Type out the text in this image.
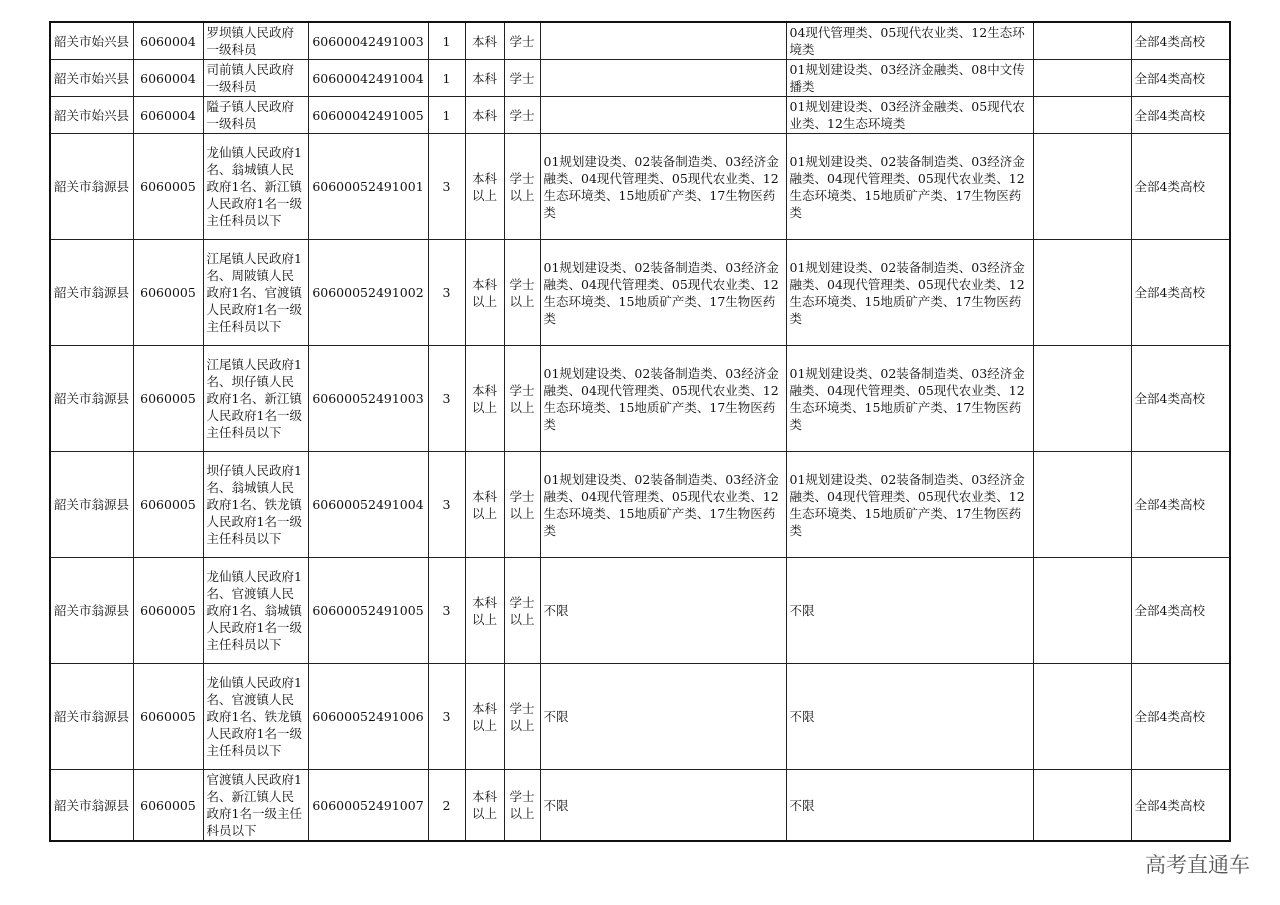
韶关市始兴县	6060004	罗坝镇人民政府一级科员	60600042491003	1	本科	学士		04现代管理类、05现代农业类、12生态环境类		全部4类高校
韶关市始兴县	6060004	司前镇人民政府一级科员	60600042491004	1	本科	学士		01规划建设类、03经济金融类、08中文传播类		全部4类高校
韶关市始兴县	6060004	隘子镇人民政府一级科员	60600042491005	1	本科	学士		01规划建设类、03经济金融类、05现代农业类、12生态环境类		全部4类高校
韶关市翁源县	6060005	龙仙镇人民政府1名、翁城镇人民政府1名、新江镇人民政府1名一级主任科员以下	60600052491001	3	本科以上	学士以上	01规划建设类、02装备制造类、03经济金融类、04现代管理类、05现代农业类、12生态环境类、15地质矿产类、17生物医药类	01规划建设类、02装备制造类、03经济金融类、04现代管理类、05现代农业类、12生态环境类、15地质矿产类、17生物医药类		全部4类高校
韶关市翁源县	6060005	江尾镇人民政府1名、周陂镇人民政府1名、官渡镇人民政府1名一级主任科员以下	60600052491002	3	本科以上	学士以上	01规划建设类、02装备制造类、03经济金融类、04现代管理类、05现代农业类、12生态环境类、15地质矿产类、17生物医药类	01规划建设类、02装备制造类、03经济金融类、04现代管理类、05现代农业类、12生态环境类、15地质矿产类、17生物医药类		全部4类高校
韶关市翁源县	6060005	江尾镇人民政府1名、坝仔镇人民政府1名、新江镇人民政府1名一级主任科员以下	60600052491003	3	本科以上	学士以上	01规划建设类、02装备制造类、03经济金融类、04现代管理类、05现代农业类、12生态环境类、15地质矿产类、17生物医药类	01规划建设类、02装备制造类、03经济金融类、04现代管理类、05现代农业类、12生态环境类、15地质矿产类、17生物医药类		全部4类高校
韶关市翁源县	6060005	坝仔镇人民政府1名、翁城镇人民政府1名、铁龙镇人民政府1名一级主任科员以下	60600052491004	3	本科以上	学士以上	01规划建设类、02装备制造类、03经济金融类、04现代管理类、05现代农业类、12生态环境类、15地质矿产类、17生物医药类	01规划建设类、02装备制造类、03经济金融类、04现代管理类、05现代农业类、12生态环境类、15地质矿产类、17生物医药类		全部4类高校
韶关市翁源县	6060005	龙仙镇人民政府1名、官渡镇人民政府1名、翁城镇人民政府1名一级主任科员以下	60600052491005	3	本科以上	学士以上	不限	不限		全部4类高校
韶关市翁源县	6060005	龙仙镇人民政府1名、官渡镇人民政府1名、铁龙镇人民政府1名一级主任科员以下	60600052491006	3	本科以上	学士以上	不限	不限		全部4类高校
韶关市翁源县	6060005	官渡镇人民政府1名、新江镇人民政府1名一级主任科员以下	60600052491007	2	本科以上	学士以上	不限	不限		全部4类高校
高考直通车
